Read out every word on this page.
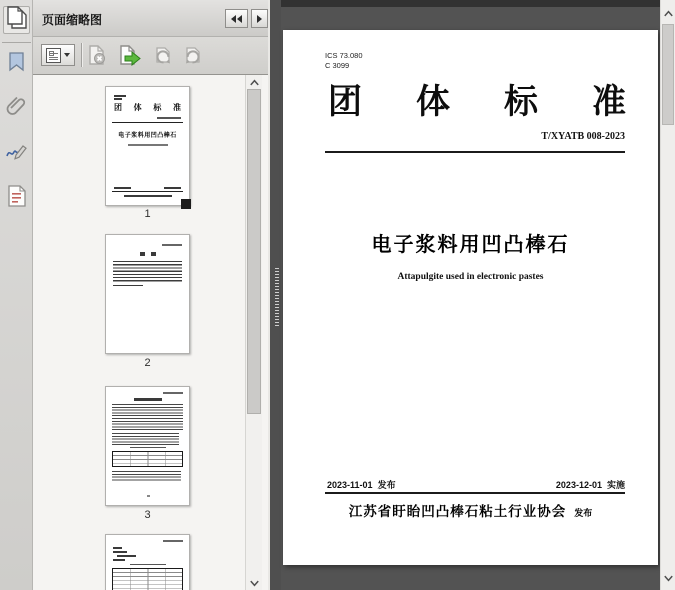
页面缩略图
团 体 标 准
电子浆料用凹凸棒石
1
2
3
ICS 73.080
C 3099
团 体 标 准
T/XYATB 008-2023
电子浆料用凹凸棒石
Attapulgite used in electronic pastes
2023-11-01 发布	2023-12-01 实施
江苏省盱眙凹凸棒石粘土行业协会 发布
